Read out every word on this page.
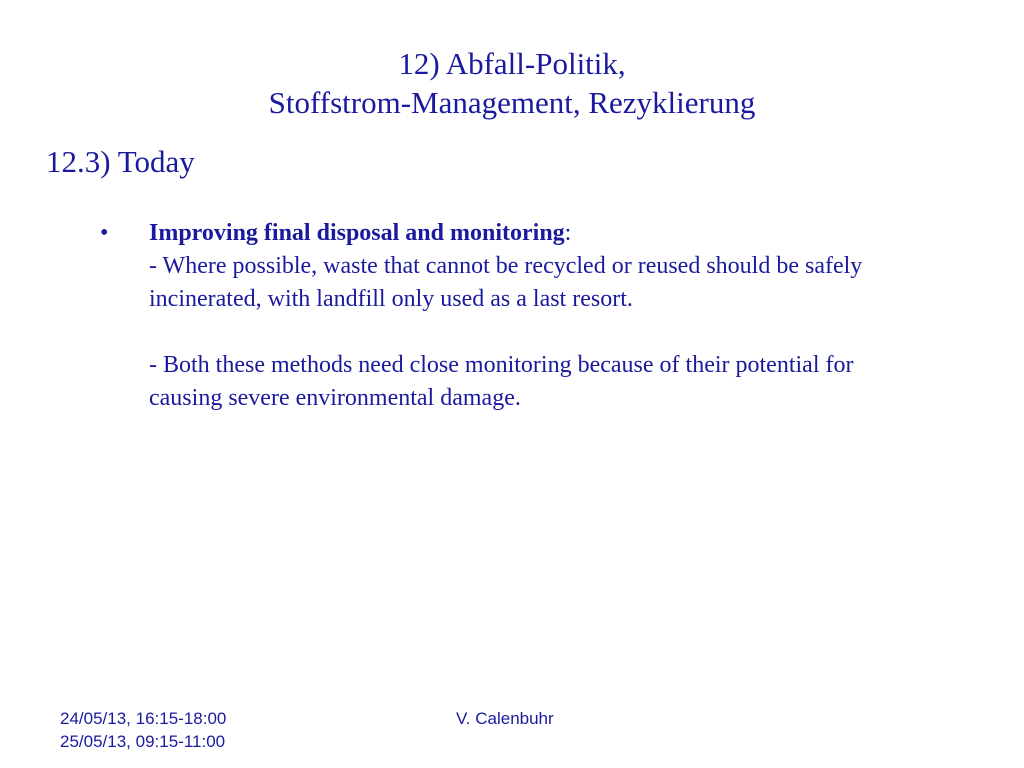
12) Abfall-Politik,
Stoffstrom-Management, Rezyklierung
12.3) Today
•	Improving final disposal and monitoring:

- Where possible, waste that cannot be recycled or reused should be safely incinerated, with landfill only used as a last resort.

- Both these methods need close monitoring because of their potential for causing severe environmental damage.

24/05/13, 16:15-18:00
25/05/13, 09:15-11:00
V. Calenbuhr
